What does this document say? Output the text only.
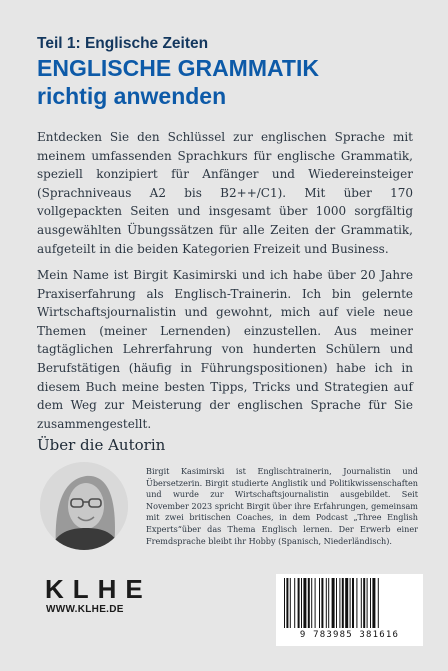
Teil 1: Englische Zeiten
ENGLISCHE GRAMMATIK
richtig anwenden
Entdecken Sie den Schlüssel zur englischen Sprache mit meinem umfassenden Sprachkurs für englische Grammatik, speziell konzipiert für Anfänger und Wiedereinsteiger (Sprachniveaus A2 bis B2++/C1). Mit über 170 vollgepackten Seiten und insgesamt über 1000 sorgfältig ausgewählten Übungssätzen für alle Zeiten der Grammatik, aufgeteilt in die beiden Kategorien Freizeit und Business.
Mein Name ist Birgit Kasimirski und ich habe über 20 Jahre Praxiserfahrung als Englisch-Trainerin. Ich bin gelernte Wirtschaftsjournalistin und gewohnt, mich auf viele neue Themen (meiner Lernenden) einzustellen. Aus meiner tagtäglichen Lehrerfahrung von hunderten Schülern und Berufstätigen (häufig in Führungspositionen) habe ich in diesem Buch meine besten Tipps, Tricks und Strategien auf dem Weg zur Meisterung der englischen Sprache für Sie zusammengestellt.
Über die Autorin
Birgit Kasimirski ist Englischtrainerin, Journalistin und Übersetzerin. Birgit studierte Anglistik und Politikwissenschaften und wurde zur Wirtschaftsjournalistin ausgebildet. Seit November 2023 spricht Birgit über ihre Erfahrungen, gemeinsam mit zwei britischen Coaches, in dem Podcast „Three English Experts“über das Thema Englisch lernen. Der Erwerb einer Fremdsprache bleibt ihr Hobby (Spanisch, Niederländisch).
KLHE
WWW.KLHE.DE
9 783985 381616
